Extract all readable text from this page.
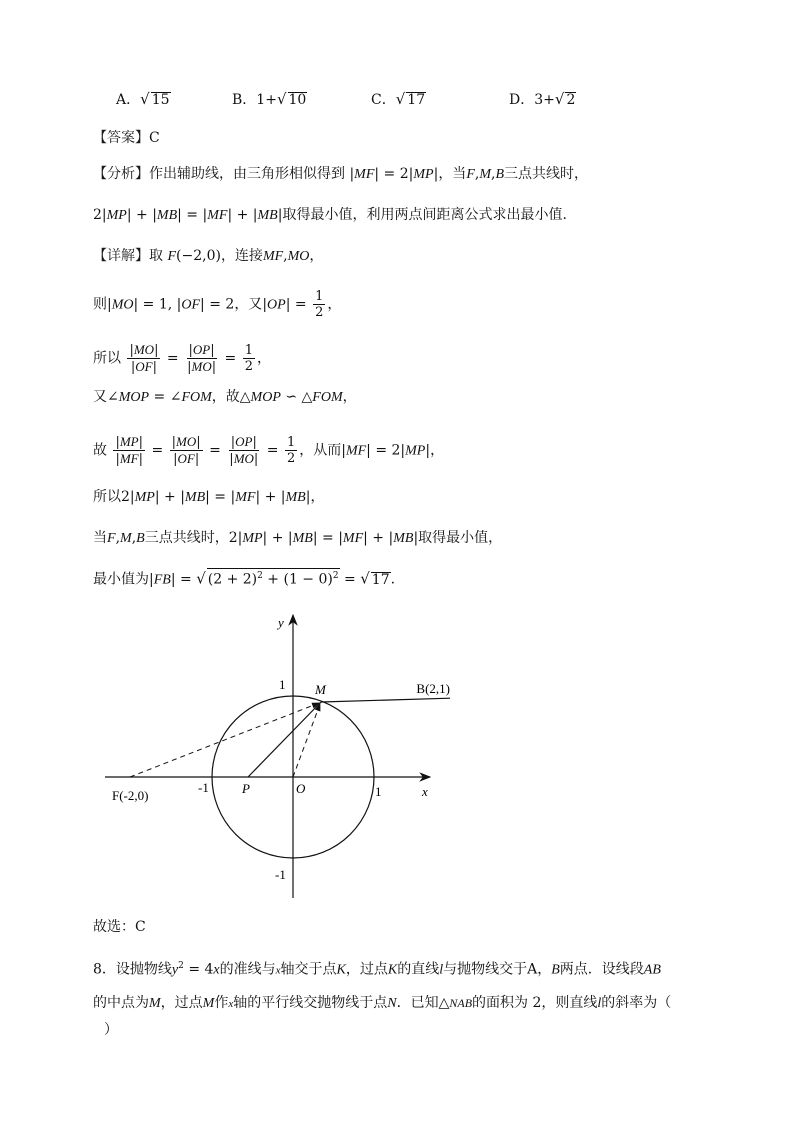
A．√ 15	B．1+√ 10	C．√ 17	D．3+√ 2
【答案】C
【分析】作出辅助线，由三角形相似得到 |MF| = 2|MP|，当F,M,B三点共线时，
2|MP| + |MB| = |MF| + |MB|取得最小值，利用两点间距离公式求出最小值.
【详解】取 F(−2,0)，连接MF,MO，
则|MO| = 1, |OF| = 2，又$|OP| = \frac{1}{2}$ ，
所以 $\frac{|MO|}{|OF|} = \frac{|OP|}{|MO|} = \frac{1}{2}$ ，
又∠MOP = ∠FOM，故△MOP ∽ △FOM，
故 $\frac{|MP|}{|MF|} = \frac{|MO|}{|OF|} = \frac{|OP|}{|MO|} = \frac{1}{2}$ ，从而|MF| = 2|MP|，
所以2|MP| + |MB| = |MF| + |MB|，
当F,M,B三点共线时，2|MP| + |MB| = |MF| + |MB|取得最小值，
最小值为|FB| = √ $(2 + 2)^2 + (1 - 0)^2$ = √ 17.
y
1 M	B(2,1)
F(-2,0)
-1	P	O	1	x
-1
故选：C
8．设抛物线$y^2 = 4x$的准线与x轴交于点K，过点K的直线l与抛物线交于A，B两点．设线段AB
的中点为M，过点M作x轴的平行线交抛物线于点N．已知△NAB的面积为 2，则直线l的斜率为（
）
